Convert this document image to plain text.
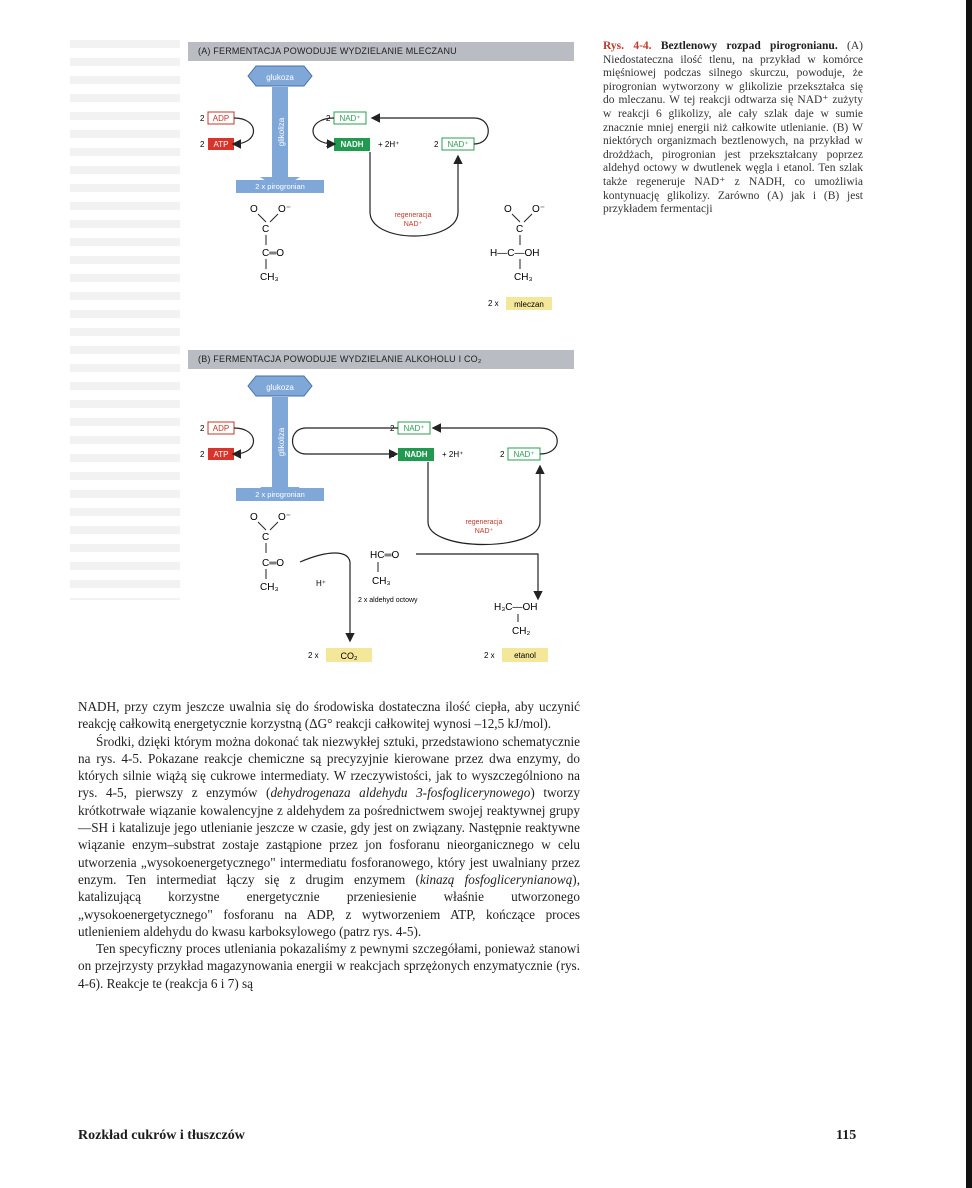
(A) FERMENTACJA POWODUJE WYDZIELANIE MLECZANU
glukoza
glikoliza
2 ADP
2 ATP
2 NAD⁺
2 NADH + 2H⁺	2 NAD⁺
regeneracja
NAD⁺
2 x pirogronian
O O⁻
C
C═O
CH₃
O O⁻
C
H—C—OH
CH₃
2 x mleczan
(B) FERMENTACJA POWODUJE WYDZIELANIE ALKOHOLU I CO₂
glukoza
glikoliza
2 ADP
2 ATP
2 NAD⁺
2 NADH + 2H⁺	2 NAD⁺
regeneracja
NAD⁺
2 x pirogronian
O O⁻
C
C═O
CH₃	H⁺
HC═O
CH₃
2 x aldehyd octowy
H₃C—OH
CH₂
2 x CO₂	2 x etanol
Rys. 4-4. Beztlenowy rozpad pirogronianu. (A) Niedostateczna ilość tlenu, na przykład w komórce mięśniowej podczas silnego skurczu, powoduje, że pirogronian wytworzony w glikolizie przekształca się do mleczanu. W tej reakcji odtwarza się NAD⁺ zużyty w reakcji 6 glikolizy, ale cały szlak daje w sumie znacznie mniej energii niż całkowite utlenianie. (B) W niektórych organizmach beztlenowych, na przykład w drożdżach, pirogronian jest przekształcany poprzez aldehyd octowy w dwutlenek węgla i etanol. Ten szlak także regeneruje NAD⁺ z NADH, co umożliwia kontynuację glikolizy. Zarówno (A) jak i (B) jest przykładem fermentacji

NADH, przy czym jeszcze uwalnia się do środowiska dostateczna ilość ciepła, aby uczynić reakcję całkowitą energetycznie korzystną (ΔG° reakcji całkowitej wynosi –12,5 kJ/mol).

Środki, dzięki którym można dokonać tak niezwykłej sztuki, przedstawiono schematycznie na rys. 4-5. Pokazane reakcje chemiczne są precyzyjnie kierowane przez dwa enzymy, do których silnie wiążą się cukrowe intermediaty. W rzeczywistości, jak to wyszczególniono na rys. 4-5, pierwszy z enzymów (dehydrogenaza aldehydu 3-fosfoglicerynowego) tworzy krótkotrwałe wiązanie kowalencyjne z aldehydem za pośrednictwem swojej reaktywnej grupy —SH i katalizuje jego utlenianie jeszcze w czasie, gdy jest on związany. Następnie reaktywne wiązanie enzym–substrat zostaje zastąpione przez jon fosforanu nieorganicznego w celu utworzenia „wysokoenergetycznego" intermediatu fosforanowego, który jest uwalniany przez enzym. Ten intermediat łączy się z drugim enzymem (kinazą fosfoglicerynianową), katalizującą korzystne energetycznie przeniesienie właśnie utworzonego „wysokoenergetycznego" fosforanu na ADP, z wytworzeniem ATP, kończące proces utlenieniem aldehydu do kwasu karboksylowego (patrz rys. 4-5).

Ten specyficzny proces utleniania pokazaliśmy z pewnymi szczegółami, ponieważ stanowi on przejrzysty przykład magazynowania energii w reakcjach sprzężonych enzymatycznie (rys. 4-6). Reakcje te (reakcja 6 i 7) są

Rozkład cukrów i tłuszczów	115
